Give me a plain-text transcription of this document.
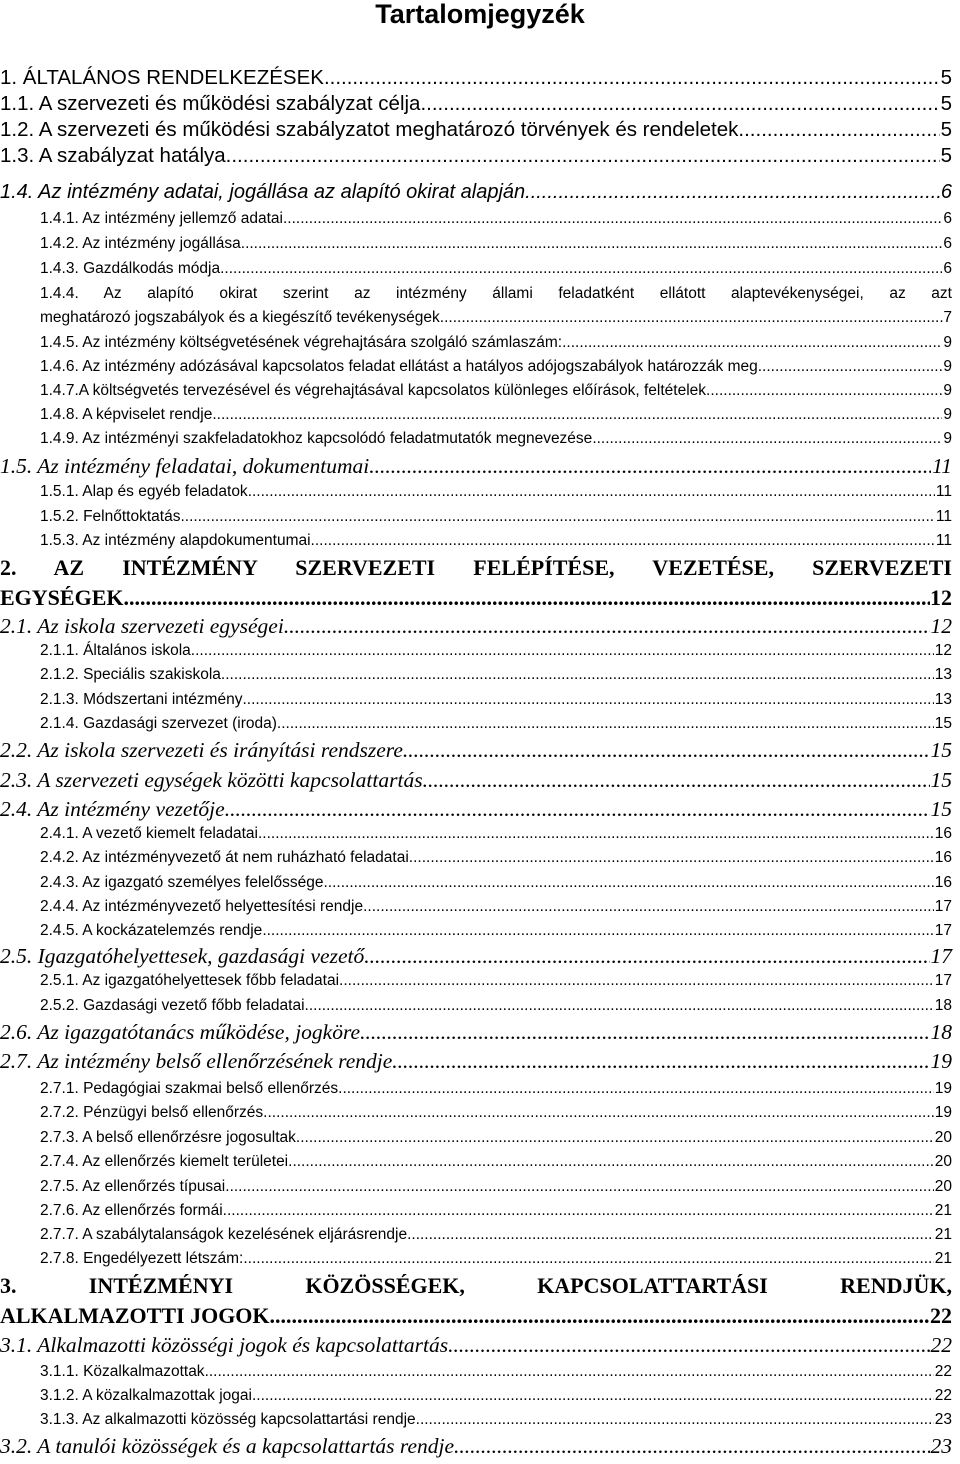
Tartalomjegyzék
1. ÁLTALÁNOS RENDELKEZÉSEK .....	5
1.1. A szervezeti és működési szabályzat célja .....	5
1.2. A szervezeti és működési szabályzatot meghatározó törvények és rendeletek .....	5
1.3. A szabályzat hatálya .....	5
1.4. Az intézmény adatai, jogállása az alapító okirat alapján .....	6
1.4.1. Az intézmény jellemző adatai .....	6
1.4.2. Az intézmény jogállása .....	6
1.4.3. Gazdálkodás módja .....	6
1.4.4. Az alapító okirat szerint az intézmény állami feladatként ellátott alaptevékenységei, az azt
meghatározó jogszabályok és a kiegészítő tevékenységek .....	7
1.4.5. Az intézmény költségvetésének végrehajtására szolgáló számlaszám: .....	9
1.4.6. Az intézmény adózásával kapcsolatos feladat ellátást a hatályos adójogszabályok határozzák meg. .....	9
1.4.7.A költségvetés tervezésével és végrehajtásával kapcsolatos különleges előírások, feltételek .....	9
1.4.8. A képviselet rendje .....	9
1.4.9. Az intézményi szakfeladatokhoz kapcsolódó feladatmutatók megnevezése .....	9
1.5. Az intézmény feladatai, dokumentumai .....	11
1.5.1. Alap és egyéb feladatok .....	11
1.5.2. Felnőttoktatás .....	11
1.5.3. Az intézmény alapdokumentumai .....	11
2. AZ INTÉZMÉNY SZERVEZETI FELÉPÍTÉSE, VEZETÉSE, SZERVEZETI
EGYSÉGEK .....	12
2.1. Az iskola szervezeti egységei .....	12
2.1.1. Általános iskola .....	12
2.1.2. Speciális szakiskola .....	13
2.1.3. Módszertani intézmény .....	13
2.1.4. Gazdasági szervezet (iroda) .....	15
2.2. Az iskola szervezeti és irányítási rendszere .....	15
2.3. A szervezeti egységek közötti kapcsolattartás .....	15
2.4. Az intézmény vezetője .....	15
2.4.1. A vezető kiemelt feladatai .....	16
2.4.2. Az intézményvezető át nem ruházható feladatai .....	16
2.4.3. Az igazgató személyes felelőssége .....	16
2.4.4. Az intézményvezető helyettesítési rendje .....	17
2.4.5. A kockázatelemzés rendje .....	17
2.5. Igazgatóhelyettesek, gazdasági vezető .....	17
2.5.1. Az igazgatóhelyettesek főbb feladatai .....	17
2.5.2. Gazdasági vezető főbb feladatai .....	18
2.6. Az igazgatótanács működése, jogköre .....	18
2.7. Az intézmény belső ellenőrzésének rendje .....	19
2.7.1. Pedagógiai szakmai belső ellenőrzés .....	19
2.7.2. Pénzügyi belső ellenőrzés .....	19
2.7.3. A belső ellenőrzésre jogosultak .....	20
2.7.4. Az ellenőrzés kiemelt területei .....	20
2.7.5. Az ellenőrzés típusai .....	20
2.7.6. Az ellenőrzés formái .....	21
2.7.7. A szabálytalanságok kezelésének eljárásrendje .....	21
2.7.8. Engedélyezett létszám: .....	21
3. INTÉZMÉNYI KÖZÖSSÉGEK, KAPCSOLATTARTÁSI RENDJÜK,
ALKALMAZOTTI JOGOK .....	22
3.1. Alkalmazotti közösségi jogok és kapcsolattartás .....	22
3.1.1. Közalkalmazottak .....	22
3.1.2. A közalkalmazottak jogai .....	22
3.1.3. Az alkalmazotti közösség kapcsolattartási rendje .....	23
3.2. A tanulói közösségek és a kapcsolattartás rendje .....	23
